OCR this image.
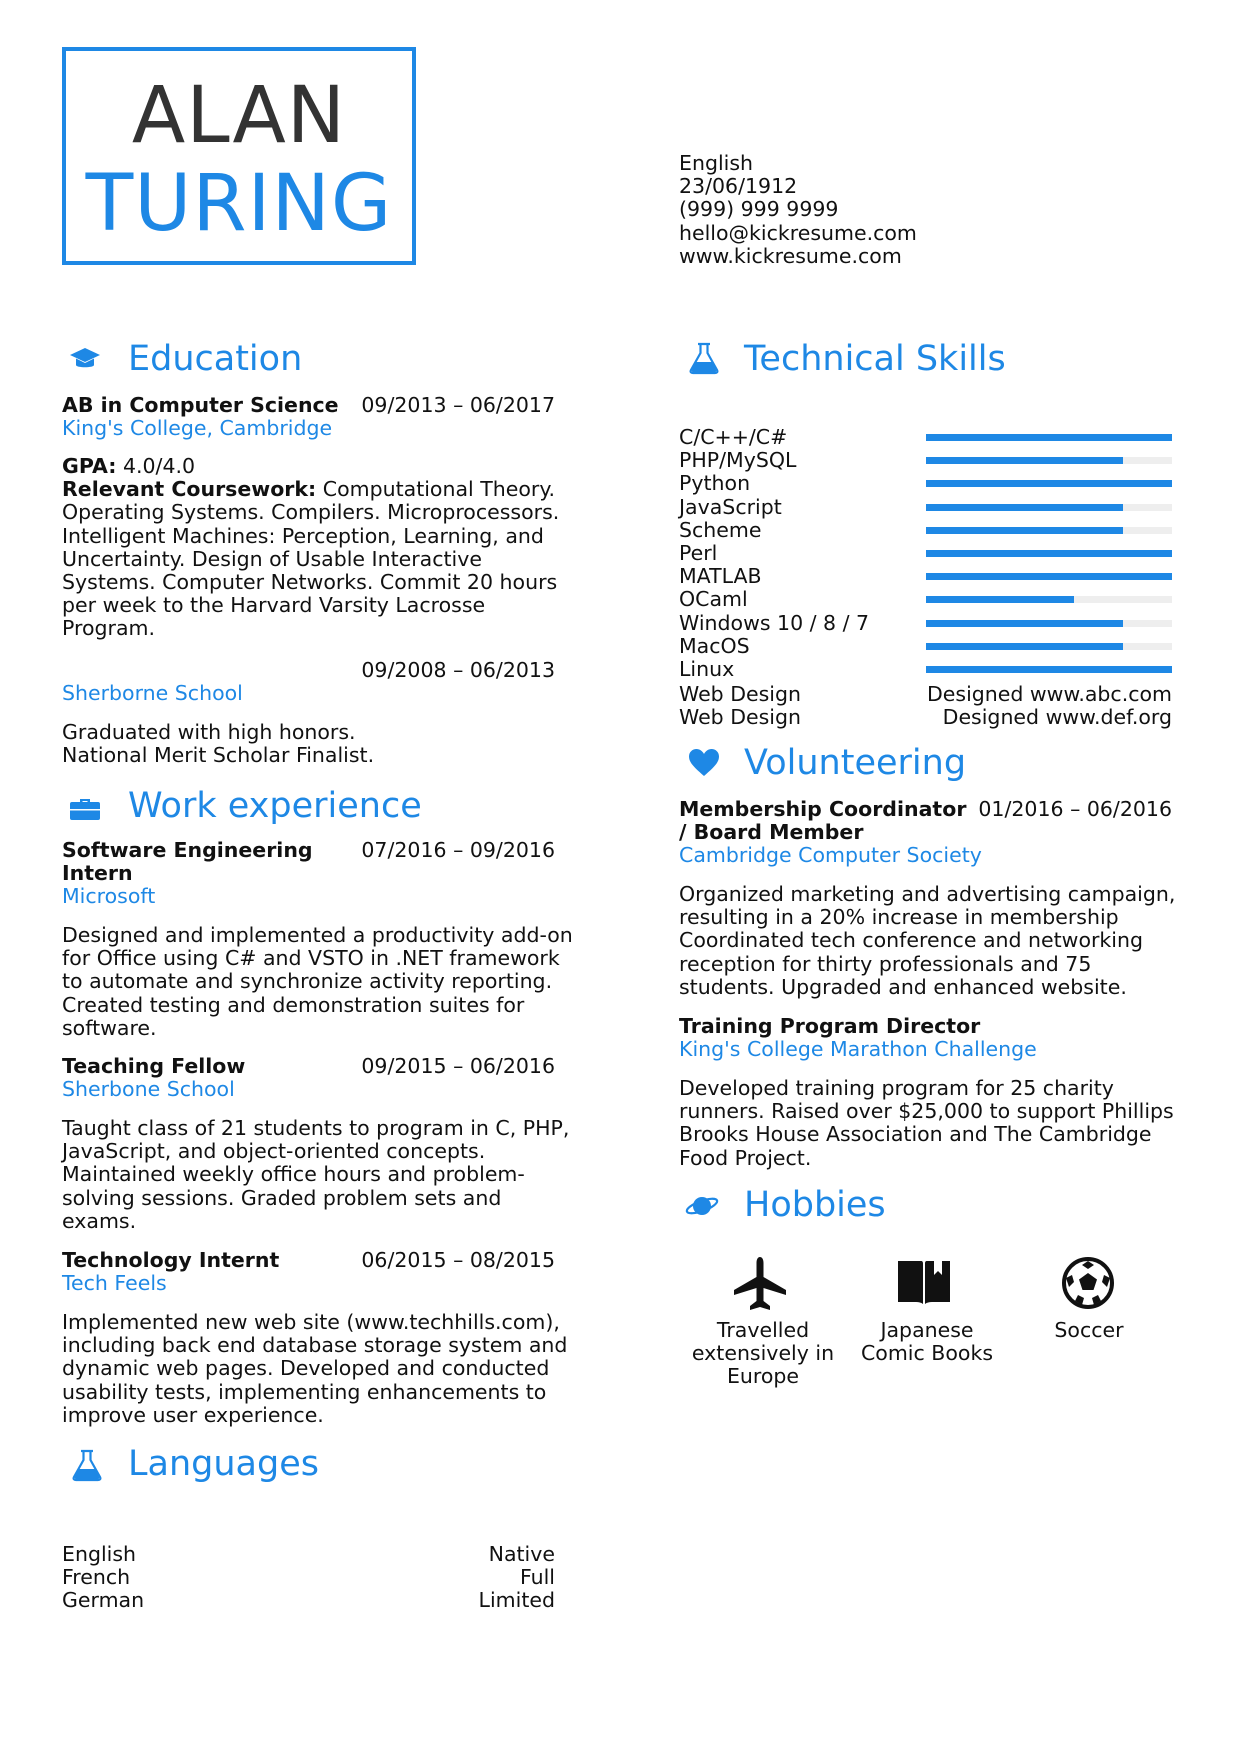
ALAN
TURING	English
23/06/1912
(999) 999 9999
hello@kickresume.com
www.kickresume.com
Education
AB in Computer Science	09/2013 – 06/2017
King's College, Cambridge
GPA: 4.0/4.0
Relevant Coursework: Computational Theory.
Operating Systems. Compilers. Microprocessors.
Intelligent Machines: Perception, Learning, and
Uncertainty. Design of Usable Interactive
Systems. Computer Networks. Commit 20 hours
per week to the Harvard Varsity Lacrosse
Program.
09/2008 – 06/2013
Sherborne School
Graduated with high honors.
National Merit Scholar Finalist.
Work experience
Software Engineering
Intern
07/2016 – 09/2016
Microsoft
Designed and implemented a productivity add-on
for Office using C# and VSTO in .NET framework
to automate and synchronize activity reporting.
Created testing and demonstration suites for
software.
Teaching Fellow	09/2015 – 06/2016
Sherbone School
Taught class of 21 students to program in C, PHP,
JavaScript, and object-oriented concepts.
Maintained weekly office hours and problem-
solving sessions. Graded problem sets and
exams.
Technology Internt	06/2015 – 08/2015
Tech Feels
Implemented new web site (www.techhills.com),
including back end database storage system and
dynamic web pages. Developed and conducted
usability tests, implementing enhancements to
improve user experience.
Languages
English	Native
French	Full
German	Limited
Technical Skills
C/C++/C#
PHP/MySQL
Python
JavaScript
Scheme
Perl
MATLAB
OCaml
Windows 10 / 8 / 7
MacOS
Linux
Web Design	Designed www.abc.com
Web Design	Designed www.def.org
Volunteering
Membership Coordinator
/ Board Member
01/2016 – 06/2016
Cambridge Computer Society
Organized marketing and advertising campaign,
resulting in a 20% increase in membership
Coordinated tech conference and networking
reception for thirty professionals and 75
students. Upgraded and enhanced website.
Training Program Director
King's College Marathon Challenge
Developed training program for 25 charity
runners. Raised over $25,000 to support Phillips
Brooks House Association and The Cambridge
Food Project.
Hobbies
Travelled
extensively in
Europe
Japanese
Comic Books
Soccer
